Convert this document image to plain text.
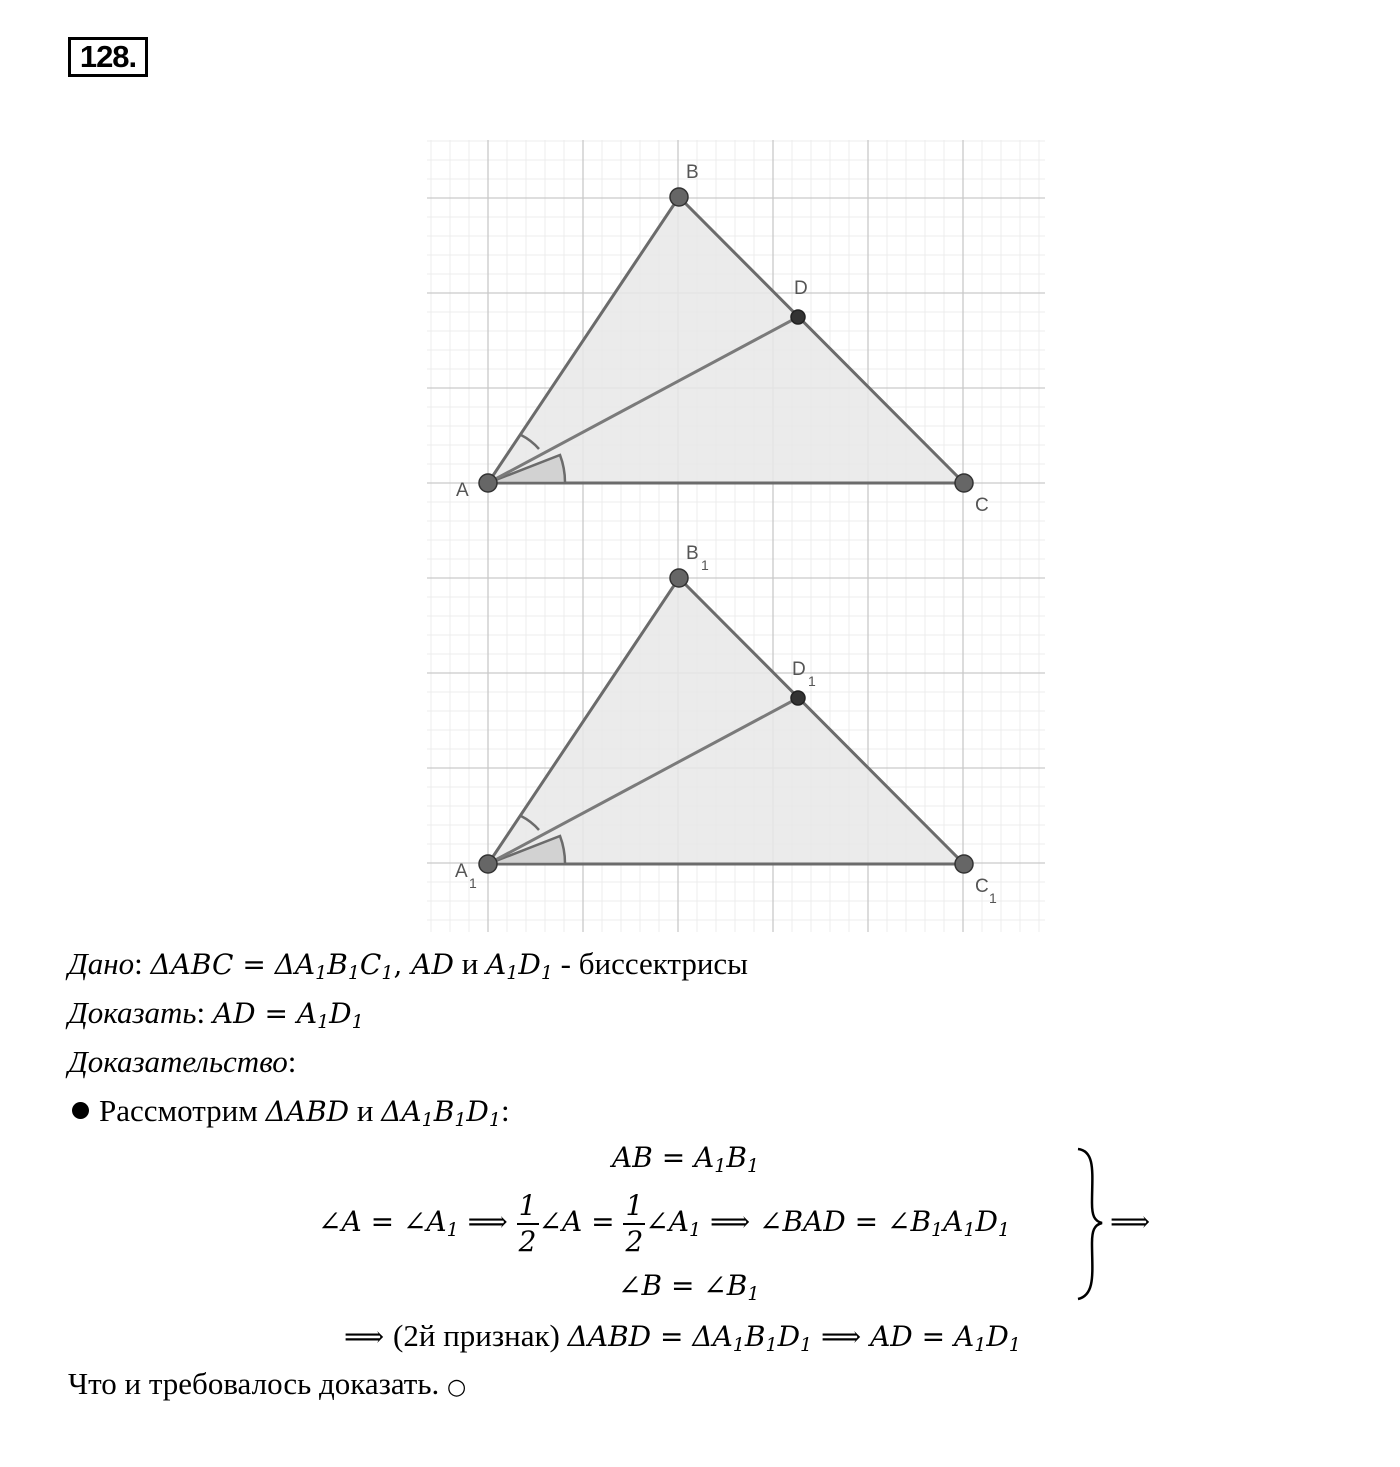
128.
A
B
C
D
A
1
B
1
C
1
D
1
Дано: $\Delta ABC = \Delta A_1B_1C_1$, AD и $A_1D_1$ - биссектрисы
Доказать: AD = $A_1D_1$
Доказательство:
Рассмотрим ΔABD и $\Delta A_1B_1D_1$:
AB = $A_1B_1$
∠A = $\angle A_1$ ⟹ $\frac{1}{2}$ ∠A = $\frac{1}{2}$ $\angle A_1$ ⟹ ∠BAD = $\angle B_1A_1D_1$
∠B = $\angle B_1$
⟹
⟹ (2й признак) $\Delta ABD = \Delta A_1B_1D_1$ ⟹ AD = $A_1D_1$
Что и требовалось доказать. ○
